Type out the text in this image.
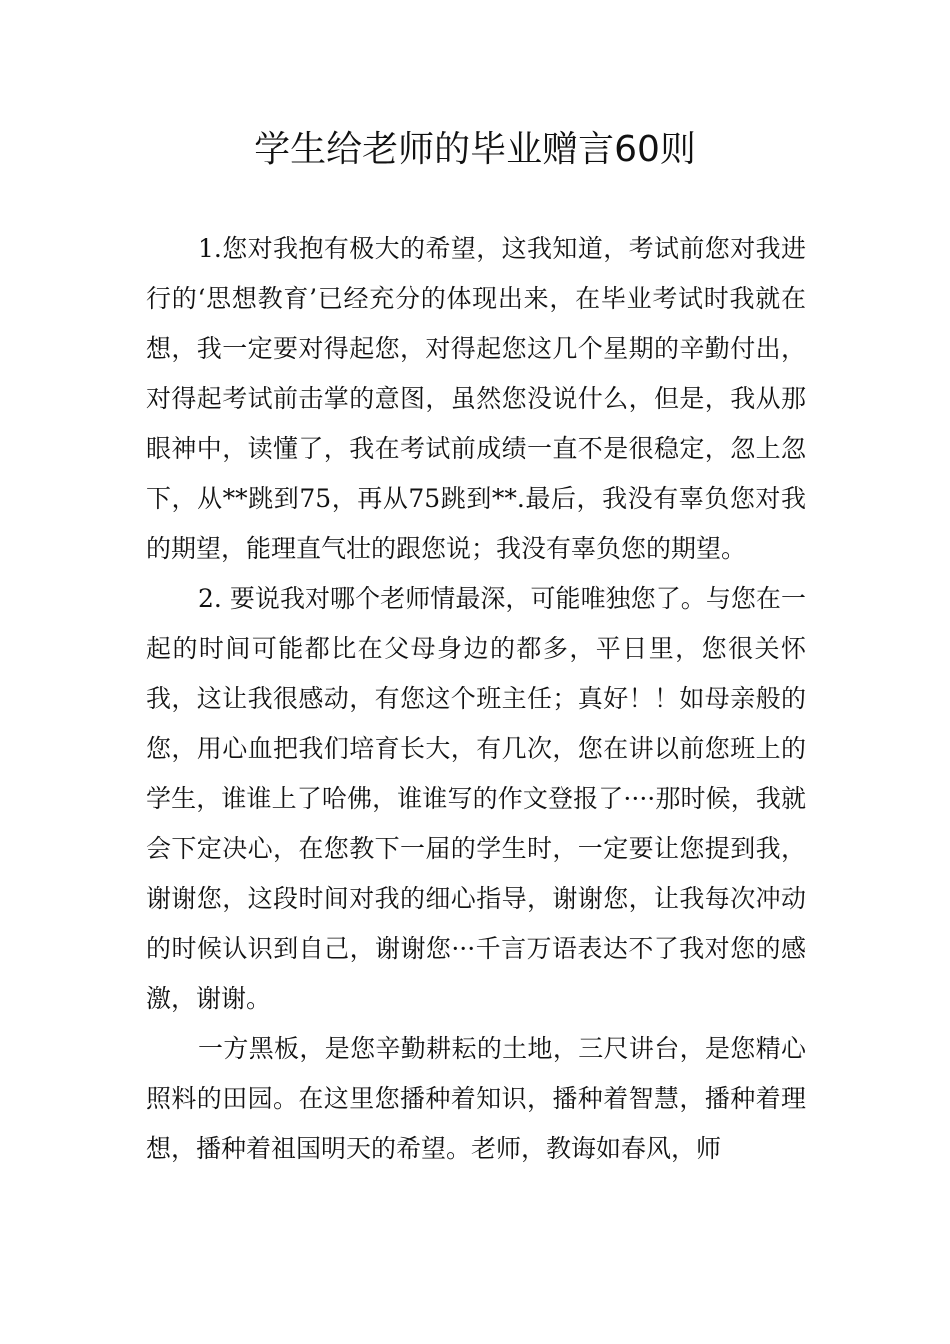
学生给老师的毕业赠言60则

1.您对我抱有极大的希望，这我知道，考试前您对我进行的‘思想教育’已经充分的体现出来，在毕业考试时我就在想，我一定要对得起您，对得起您这几个星期的辛勤付出，对得起考试前击掌的意图，虽然您没说什么，但是，我从那眼神中，读懂了，我在考试前成绩一直不是很稳定，忽上忽下，从**跳到75，再从75跳到**.最后，我没有辜负您对我的期望，能理直气壮的跟您说；我没有辜负您的期望。

2. 要说我对哪个老师情最深，可能唯独您了。与您在一起的时间可能都比在父母身边的都多，平日里，您很关怀我，这让我很感动，有您这个班主任；真好！！如母亲般的您，用心血把我们培育长大，有几次，您在讲以前您班上的学生，谁谁上了哈佛，谁谁写的作文登报了····那时候，我就会下定决心，在您教下一届的学生时，一定要让您提到我，谢谢您，这段时间对我的细心指导，谢谢您，让我每次冲动的时候认识到自己，谢谢您···千言万语表达不了我对您的感激，谢谢。

一方黑板，是您辛勤耕耘的土地，三尺讲台，是您精心照料的田园。在这里您播种着知识，播种着智慧，播种着理想，播种着祖国明天的希望。老师，教诲如春风，师
